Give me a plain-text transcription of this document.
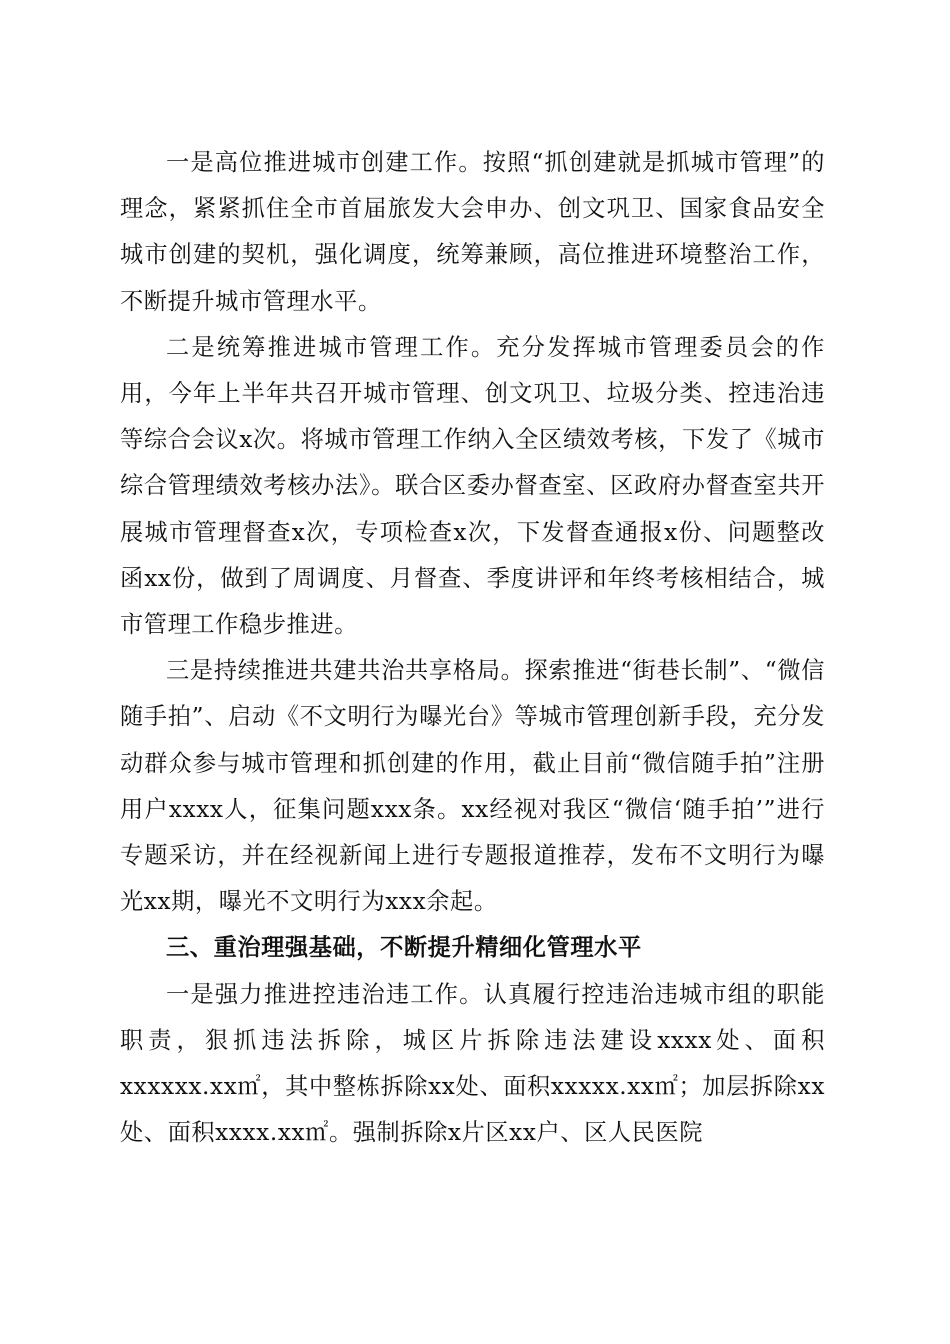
一是高位推进城市创建工作。按照“抓创建就是抓城市管理”的理念，紧紧抓住全市首届旅发大会申办、创文巩卫、国家食品安全城市创建的契机，强化调度，统筹兼顾，高位推进环境整治工作，不断提升城市管理水平。

二是统筹推进城市管理工作。充分发挥城市管理委员会的作用，今年上半年共召开城市管理、创文巩卫、垃圾分类、控违治违等综合会议x次。将城市管理工作纳入全区绩效考核，下发了《城市综合管理绩效考核办法》。联合区委办督查室、区政府办督查室共开展城市管理督查x次，专项检查x次，下发督查通报x份、问题整改函xx份，做到了周调度、月督查、季度讲评和年终考核相结合，城市管理工作稳步推进。

三是持续推进共建共治共享格局。探索推进“街巷长制”、“微信随手拍”、启动《不文明行为曝光台》等城市管理创新手段，充分发动群众参与城市管理和抓创建的作用，截止目前“微信随手拍”注册用户xxxx人，征集问题xxx条。xx经视对我区“微信‘随手拍’”进行专题采访，并在经视新闻上进行专题报道推荐，发布不文明行为曝光xx期，曝光不文明行为xxx余起。

三、重治理强基础，不断提升精细化管理水平

一是强力推进控违治违工作。认真履行控违治违城市组的职能职责，狠抓违法拆除，城区片拆除违法建设xxxx处、面积xxxxxx.xx㎡，其中整栋拆除xx处、面积xxxxx.xx㎡；加层拆除xx处、面积xxxx.xx㎡。强制拆除x片区xx户、区人民医院
